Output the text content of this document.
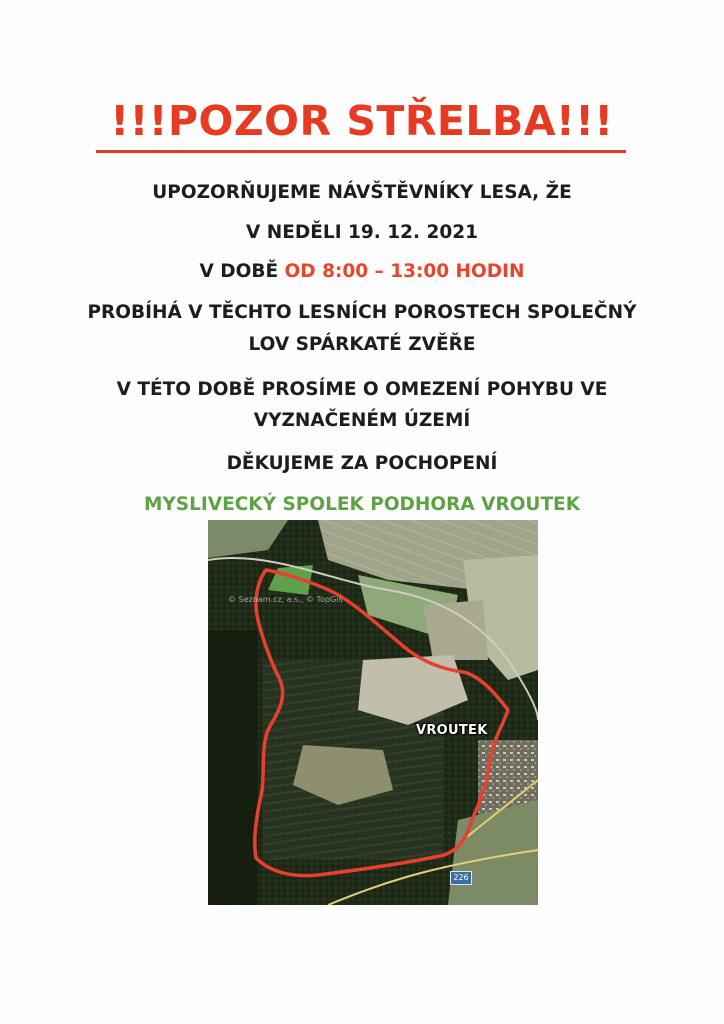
!!!POZOR STŘELBA!!!
UPOZORŇUJEME NÁVŠTĚVNÍKY LESA, ŽE
V NEDĚLI 19. 12. 2021
V DOBĚ OD 8:00 – 13:00 HODIN
PROBÍHÁ V TĚCHTO LESNÍCH POROSTECH SPOLEČNÝ
LOV SPÁRKATÉ ZVĚŘE
V TÉTO DOBĚ PROSÍME O OMEZENÍ POHYBU VE
VYZNAČENÉM ÚZEMÍ
DĚKUJEME ZA POCHOPENÍ
MYSLIVECKÝ SPOLEK PODHORA VROUTEK
© Seznam.cz, a.s., © TopGis
VROUTEK
226
